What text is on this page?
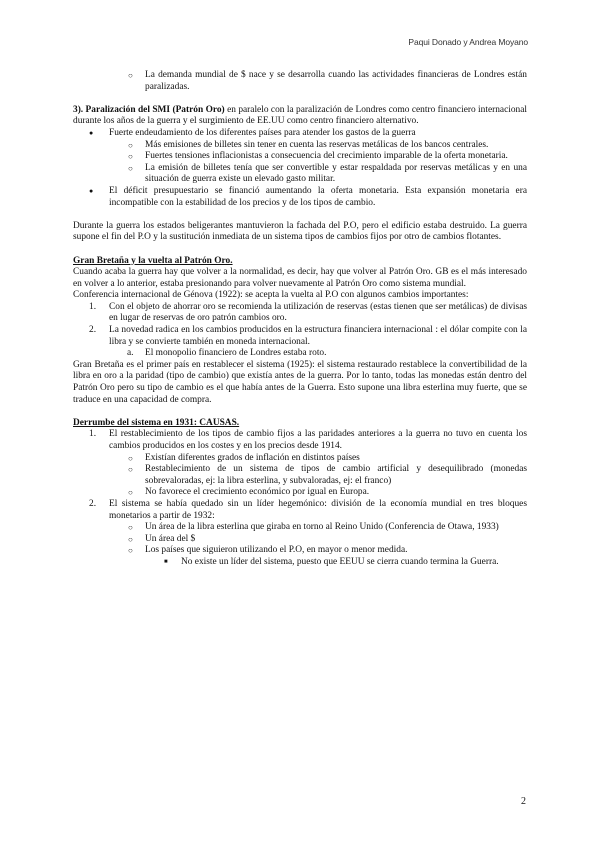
Paqui Donado y Andrea Moyano
○ La demanda mundial de $ nace y se desarrolla cuando las actividades financieras de Londres están paralizadas.

3). Paralización del SMI (Patrón Oro) en paralelo con la paralización de Londres como centro financiero internacional durante los años de la guerra y el surgimiento de EE.UU como centro financiero alternativo.

● Fuerte endeudamiento de los diferentes países para atender los gastos de la guerra
○ Más emisiones de billetes sin tener en cuenta las reservas metálicas de los bancos centrales.
○ Fuertes tensiones inflacionistas a consecuencia del crecimiento imparable de la oferta monetaria.
○ La emisión de billetes tenía que ser convertible y estar respaldada por reservas metálicas y en una situación de guerra existe un elevado gasto militar.
● El déficit presupuestario se financió aumentando la oferta monetaria. Esta expansión monetaria era incompatible con la estabilidad de los precios y de los tipos de cambio.

Durante la guerra los estados beligerantes mantuvieron la fachada del P.O, pero el edificio estaba destruido. La guerra supone el fin del P.O y la sustitución inmediata de un sistema tipos de cambios fijos por otro de cambios flotantes.

Gran Bretaña y la vuelta al Patrón Oro.

Cuando acaba la guerra hay que volver a la normalidad, es decir, hay que volver al Patrón Oro. GB es el más interesado en volver a lo anterior, estaba presionando para volver nuevamente al Patrón Oro como sistema mundial.

Conferencia internacional de Génova (1922): se acepta la vuelta al P.O con algunos cambios importantes:

1. Con el objeto de ahorrar oro se recomienda la utilización de reservas (estas tienen que ser metálicas) de divisas en lugar de reservas de oro patrón cambios oro.
2. La novedad radica en los cambios producidos en la estructura financiera internacional : el dólar compite con la libra y se convierte también en moneda internacional.
a. El monopolio financiero de Londres estaba roto.

Gran Bretaña es el primer país en restablecer el sistema (1925): el sistema restaurado restablece la convertibilidad de la libra en oro a la paridad (tipo de cambio) que existía antes de la guerra. Por lo tanto, todas las monedas están dentro del Patrón Oro pero su tipo de cambio es el que había antes de la Guerra. Esto supone una libra esterlina muy fuerte, que se traduce en una capacidad de compra.

Derrumbe del sistema en 1931: CAUSAS.

1. El restablecimiento de los tipos de cambio fijos a las paridades anteriores a la guerra no tuvo en cuenta los cambios producidos en los costes y en los precios desde 1914.
○ Existían diferentes grados de inflación en distintos países
○ Restablecimiento de un sistema de tipos de cambio artificial y desequilibrado (monedas sobrevaloradas, ej: la libra esterlina, y subvaloradas, ej: el franco)
○ No favorece el crecimiento económico por igual en Europa.
2. El sistema se había quedado sin un líder hegemónico: división de la economía mundial en tres bloques monetarios a partir de 1932:
○ Un área de la libra esterlina que giraba en torno al Reino Unido (Conferencia de Otawa, 1933)
○ Un área del $
○ Los países que siguieron utilizando el P.O, en mayor o menor medida.
■ No existe un líder del sistema, puesto que EEUU se cierra cuando termina la Guerra.
2
